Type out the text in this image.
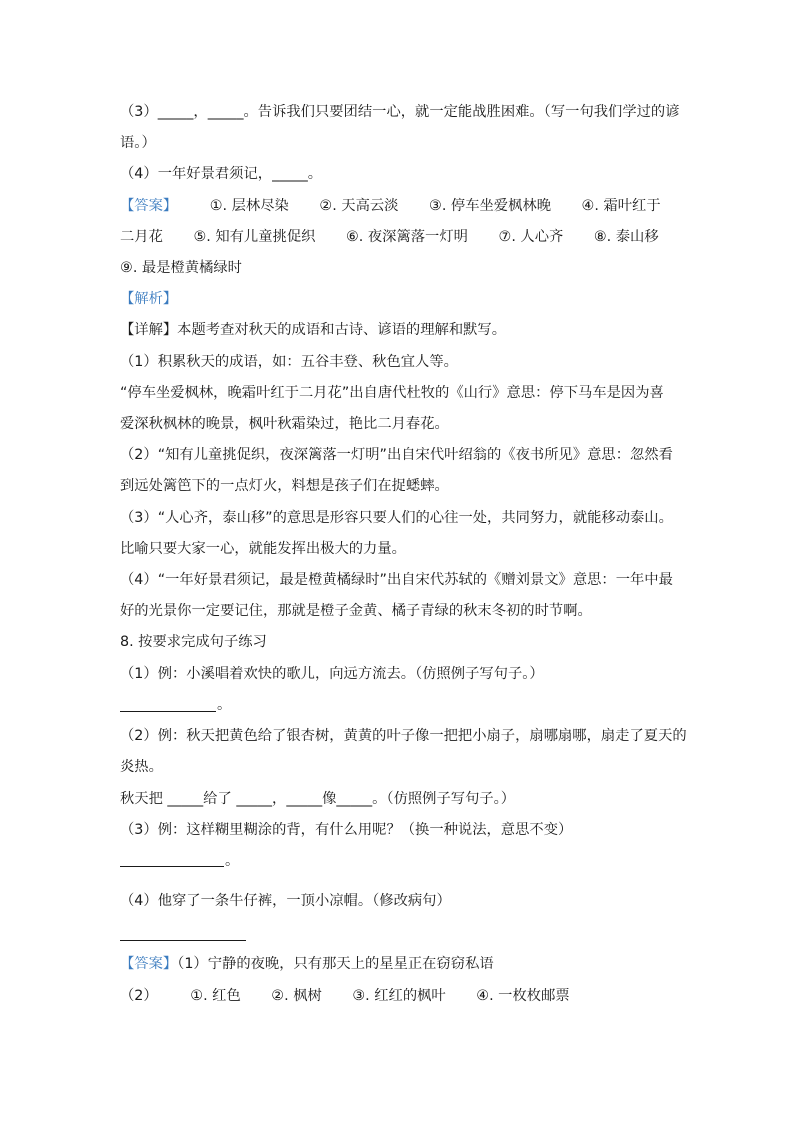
（3）_____，_____。告诉我们只要团结一心，就一定能战胜困难。（写一句我们学过的谚
语。）
（4）一年好景君须记，_____。
【答案】 ①. 层林尽染 ②. 天高云淡 ③. 停车坐爱枫林晚 ④. 霜叶红于
二月花 ⑤. 知有儿童挑促织 ⑥. 夜深篱落一灯明 ⑦. 人心齐 ⑧. 泰山移
⑨. 最是橙黄橘绿时
【解析】
【详解】本题考查对秋天的成语和古诗、谚语的理解和默写。
（1）积累秋天的成语，如：五谷丰登、秋色宜人等。
“停车坐爱枫林，晚霜叶红于二月花”出自唐代杜牧的《山行》意思：停下马车是因为喜
爱深秋枫林的晚景，枫叶秋霜染过，艳比二月春花。
（2）“知有儿童挑促织，夜深篱落一灯明”出自宋代叶绍翁的《夜书所见》意思：忽然看
到远处篱笆下的一点灯火，料想是孩子们在捉蟋蟀。
（3）“人心齐，泰山移”的意思是形容只要人们的心往一处，共同努力，就能移动泰山。
比喻只要大家一心，就能发挥出极大的力量。
（4）“一年好景君须记，最是橙黄橘绿时”出自宋代苏轼的《赠刘景文》意思：一年中最
好的光景你一定要记住，那就是橙子金黄、橘子青绿的秋末冬初的时节啊。
8. 按要求完成句子练习
（1）例：小溪唱着欢快的歌儿，向远方流去。（仿照例子写句子。）
。
（2）例：秋天把黄色给了银杏树，黄黄的叶子像一把把小扇子，扇哪扇哪，扇走了夏天的
炎热。
秋天把 _____给了 _____，_____像_____。（仿照例子写句子。）
（3）例：这样糊里糊涂的背，有什么用呢？（换一种说法，意思不变）
。
（4）他穿了一条牛仔裤，一顶小凉帽。（修改病句）
【答案】（1）宁静的夜晚，只有那天上的星星正在窃窃私语
（2） ①. 红色 ②. 枫树 ③. 红红的枫叶 ④. 一枚枚邮票
